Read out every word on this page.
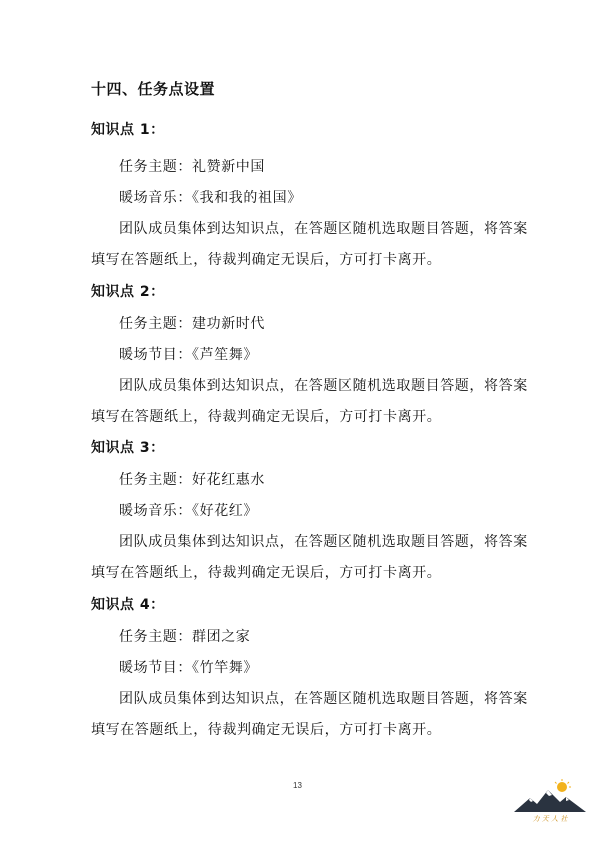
十四、任务点设置
知识点 1：
任务主题：礼赞新中国
暖场音乐：《我和我的祖国》
团队成员集体到达知识点，在答题区随机选取题目答题，将答案
填写在答题纸上，待裁判确定无误后，方可打卡离开。
知识点 2：
任务主题：建功新时代
暖场节目：《芦笙舞》
团队成员集体到达知识点，在答题区随机选取题目答题，将答案
填写在答题纸上，待裁判确定无误后，方可打卡离开。
知识点 3：
任务主题：好花红惠水
暖场音乐：《好花红》
团队成员集体到达知识点，在答题区随机选取题目答题，将答案
填写在答题纸上，待裁判确定无误后，方可打卡离开。
知识点 4：
任务主题：群团之家
暖场节目：《竹竿舞》
团队成员集体到达知识点，在答题区随机选取题目答题，将答案
填写在答题纸上，待裁判确定无误后，方可打卡离开。
13
力 天 人 社
